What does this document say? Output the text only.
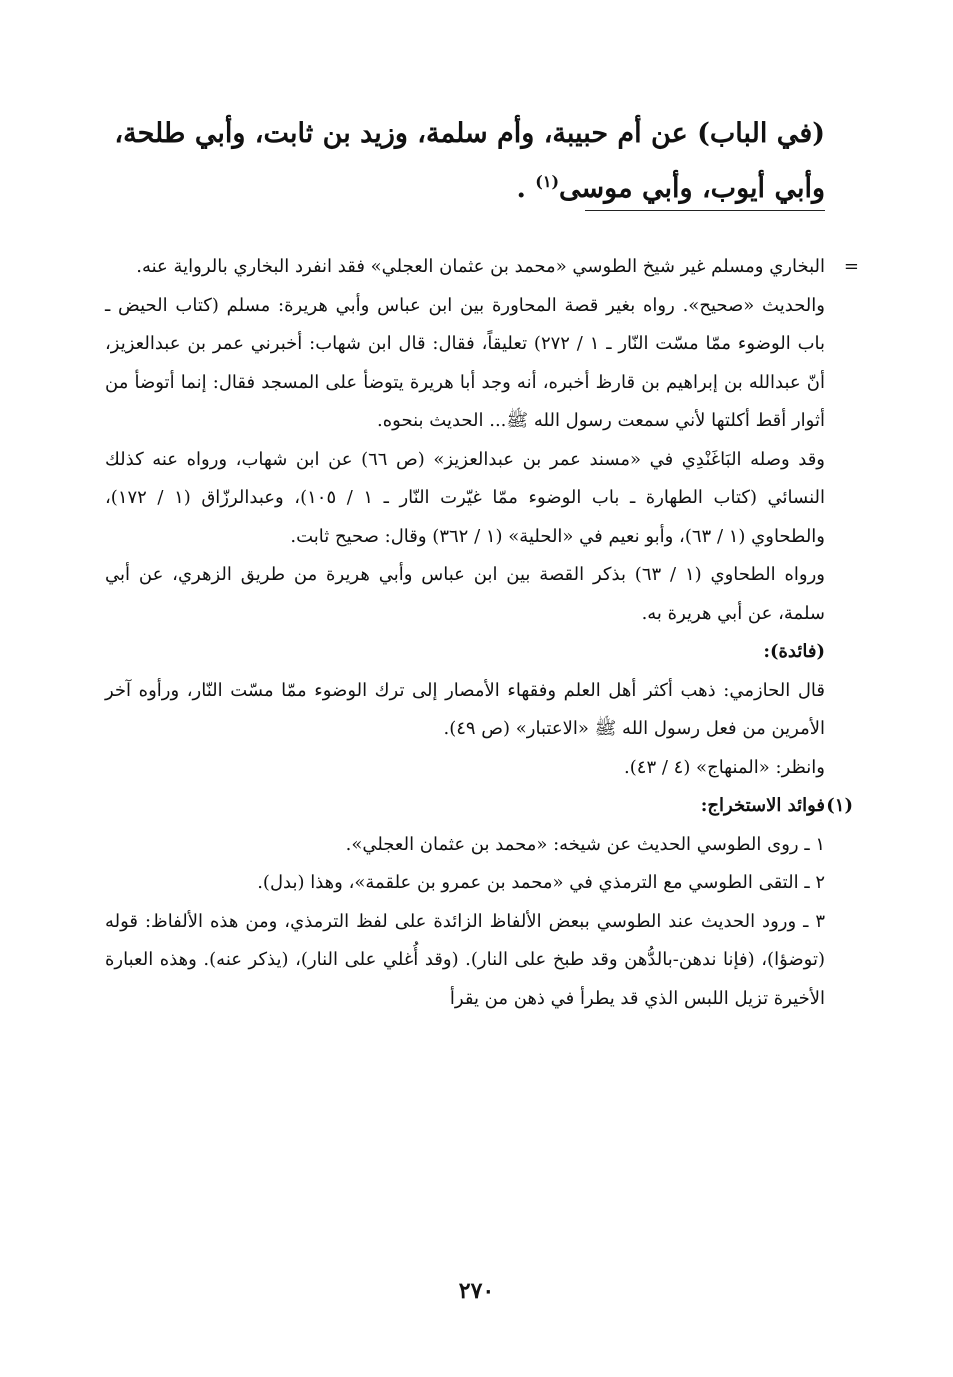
(في الباب) عن أم حبيبة، وأم سلمة، وزيد بن ثابت، وأبي طلحة،

وأبي أيوب، وأبي موسى$^{(١)}$ .

=
البخاري ومسلم غير شيخ الطوسي «محمد بن عثمان العجلي» فقد انفرد البخاري بالرواية عنه.

والحديث «صحيح». رواه بغير قصة المحاورة بين ابن عباس وأبي هريرة: مسلم (كتاب الحيض ـ باب الوضوء ممّا مسّت النّار ـ ١ / ٢٧٢) تعليقاً، فقال: قال ابن شهاب: أخبرني عمر بن عبدالعزيز، أنّ عبدالله بن إبراهيم بن قارظ أخبره، أنه وجد أبا هريرة يتوضأ على المسجد فقال: إنما أتوضأ من أثوار أقط أكلتها لأني سمعت رسول الله ﷺ... الحديث بنحوه.

وقد وصله البَاغَنْدِي في «مسند عمر بن عبدالعزيز» (ص ٦٦) عن ابن شهاب، ورواه عنه كذلك النسائي (كتاب الطهارة ـ باب الوضوء ممّا غيّرت النّار ـ ١ / ١٠٥)، وعبدالرزّاق (١ / ١٧٢)، والطحاوي (١ / ٦٣)، وأبو نعيم في «الحلية» (١ / ٣٦٢) وقال: صحيح ثابت.

ورواه الطحاوي (١ / ٦٣) بذكر القصة بين ابن عباس وأبي هريرة من طريق الزهري، عن أبي سلمة، عن أبي هريرة به.

(فائدة):

قال الحازمي: ذهب أكثر أهل العلم وفقهاء الأمصار إلى ترك الوضوء ممّا مسّت النّار، ورأوه آخر الأمرين من فعل رسول الله ﷺ «الاعتبار» (ص ٤٩).

وانظر: «المنهاج» (٤ / ٤٣).

(١)
فوائد الاستخراج:

١ ـ روى الطوسي الحديث عن شيخه: «محمد بن عثمان العجلي».

٢ ـ التقى الطوسي مع الترمذي في «محمد بن عمرو بن علقمة»، وهذا (بدل).

٣ ـ ورود الحديث عند الطوسي ببعض الألفاظ الزائدة على لفظ الترمذي، ومن هذه الألفاظ: قوله (توضؤا)، (فإنا ندهن-بالدُّهن وقد طبخ على النار). (وقد أُغلي على النار)، (يذكر عنه). وهذه العبارة الأخيرة تزيل اللبس الذي قد يطرأ في ذهن من يقرأ

٢٧٠
